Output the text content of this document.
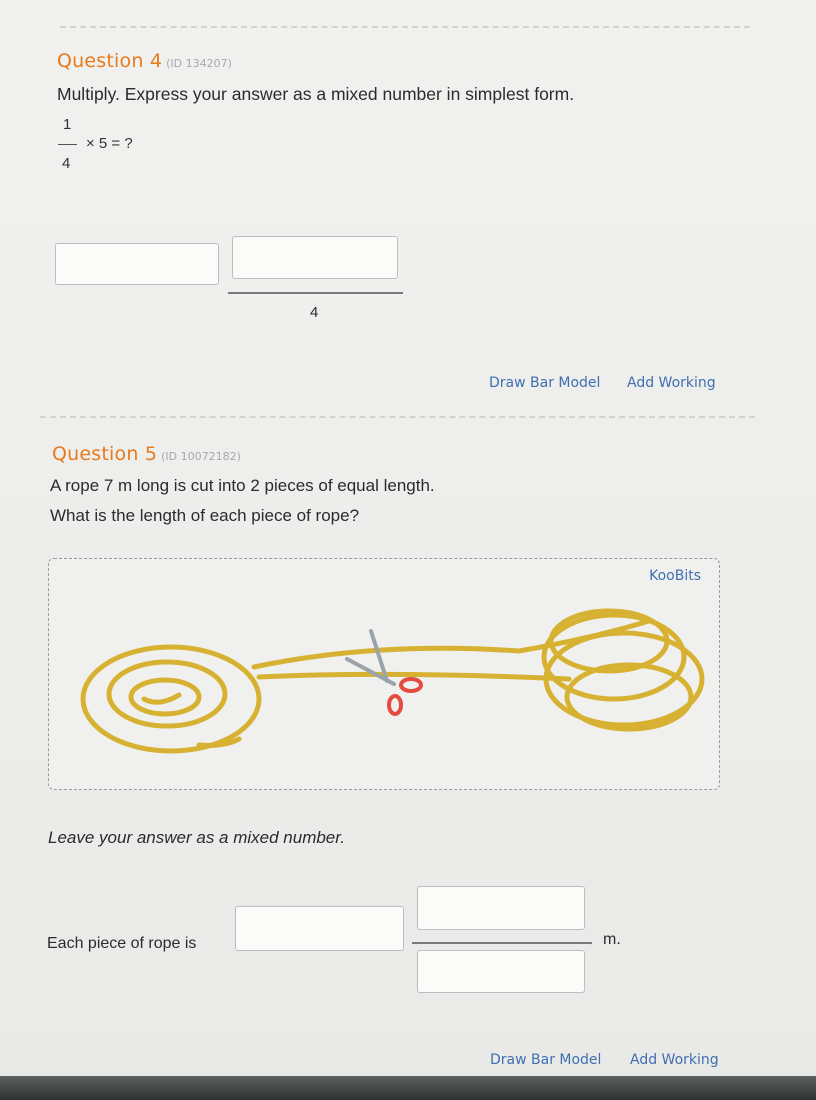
Question 4 (ID 134207)
Multiply. Express your answer as a mixed number in simplest form.
1
4
× 5 = ?
4
Draw Bar Model Add Working
Question 5 (ID 10072182)
A rope 7 m long is cut into 2 pieces of equal length.
What is the length of each piece of rope?
KooBits
Leave your answer as a mixed number.
Each piece of rope is	m.
Draw Bar Model Add Working
